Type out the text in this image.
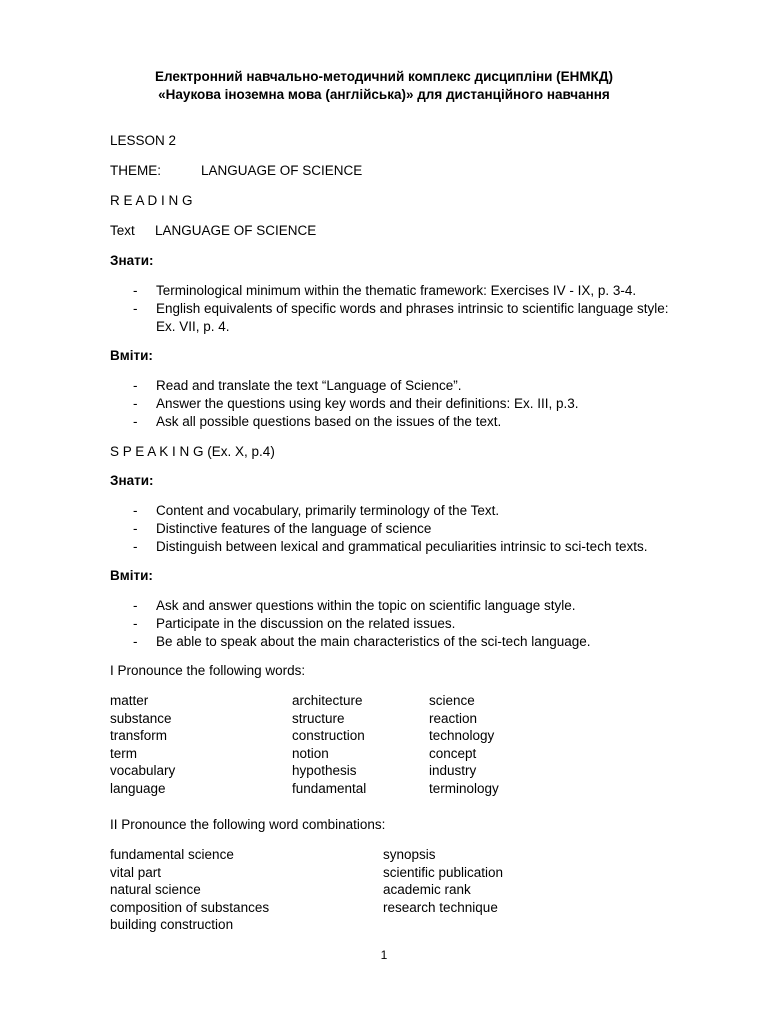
Електронний навчально-методичний комплекс дисципліни (ЕНМКД)
«Наукова іноземна мова (англійська)» для дистанційного навчання
LESSON 2
THEME:	LANGUAGE OF SCIENCE
R E A D I N G
Text LANGUAGE OF SCIENCE
Знати:
- Terminological minimum within the thematic framework: Exercises IV - IX, p. 3-4.
- English equivalents of specific words and phrases intrinsic to scientific language style:
Ex. VII, p. 4.
Вміти:
- Read and translate the text “Language of Science”.
- Answer the questions using key words and their definitions: Ex. III, p.3.
- Ask all possible questions based on the issues of the text.
S P E A K I N G (Ex. X, p.4)
Знати:
- Content and vocabulary, primarily terminology of the Text.
- Distinctive features of the language of science
- Distinguish between lexical and grammatical peculiarities intrinsic to sci-tech texts.
Вміти:
- Ask and answer questions within the topic on scientific language style.
- Participate in the discussion on the related issues.
- Be able to speak about the main characteristics of the sci-tech language.
I Pronounce the following words:
matter
substance
transform
term
vocabulary
language
architecture
structure
construction
notion
hypothesis
fundamental
science
reaction
technology
concept
industry
terminology
II Pronounce the following word combinations:
fundamental science
vital part
natural science
composition of substances
building construction
synopsis
scientific publication
academic rank
research technique
1
